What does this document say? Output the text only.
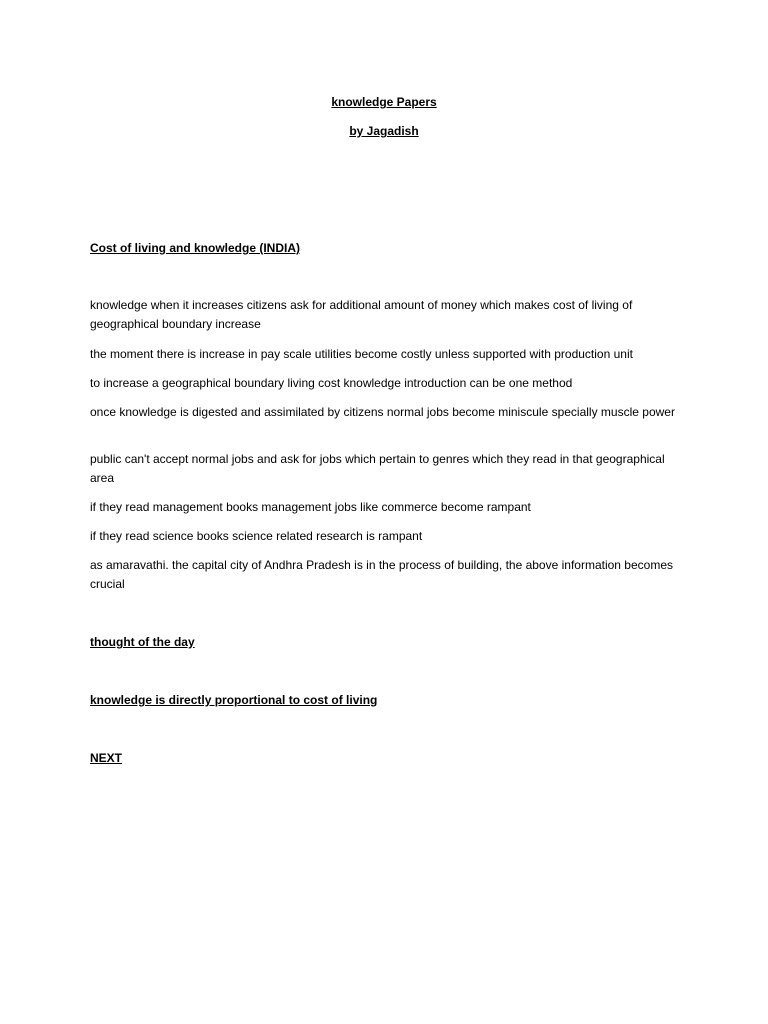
knowledge Papers
by Jagadish
Cost of living and knowledge (INDIA)
knowledge when it increases citizens ask for additional amount of money which makes cost of living of geographical boundary increase
the moment there is increase in pay scale utilities become costly unless supported with production unit
to increase a geographical boundary living cost knowledge introduction can be one method
once knowledge is digested and assimilated by citizens normal jobs become miniscule specially muscle power
public can't accept normal jobs and ask for jobs which pertain to genres which they read in that geographical area
if they read management books management jobs like commerce become rampant
if they read science books science related research is rampant
as amaravathi. the capital city of Andhra Pradesh is in the process of building, the above information becomes crucial
thought of the day
knowledge is directly proportional to cost of living
NEXT
